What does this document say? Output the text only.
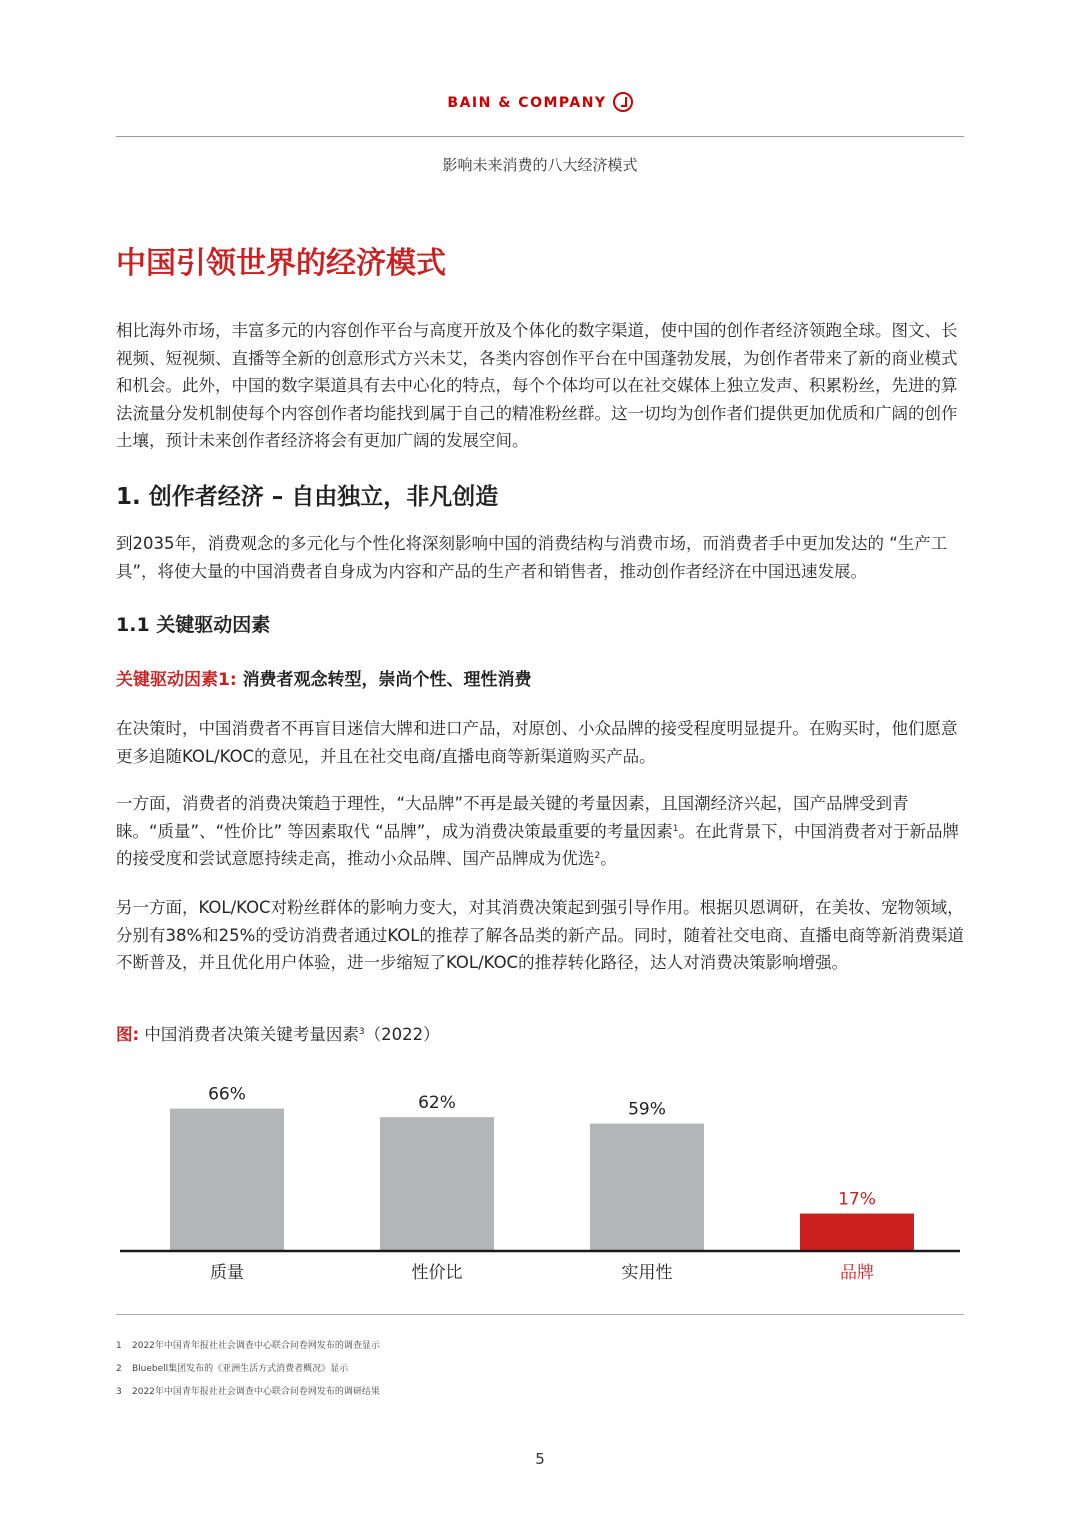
BAIN & COMPANY
影响未来消费的八大经济模式
中国引领世界的经济模式
相比海外市场，丰富多元的内容创作平台与高度开放及个体化的数字渠道，使中国的创作者经济领跑全球。图文、长视频、短视频、直播等全新的创意形式方兴未艾，各类内容创作平台在中国蓬勃发展，为创作者带来了新的商业模式和机会。此外，中国的数字渠道具有去中心化的特点，每个个体均可以在社交媒体上独立发声、积累粉丝，先进的算法流量分发机制使每个内容创作者均能找到属于自己的精准粉丝群。这一切均为创作者们提供更加优质和广阔的创作土壤，预计未来创作者经济将会有更加广阔的发展空间。
1. 创作者经济 – 自由独立，非凡创造
到2035年，消费观念的多元化与个性化将深刻影响中国的消费结构与消费市场，而消费者手中更加发达的 “生产工具”，将使大量的中国消费者自身成为内容和产品的生产者和销售者，推动创作者经济在中国迅速发展。
1.1 关键驱动因素
关键驱动因素1: 消费者观念转型，崇尚个性、理性消费
在决策时，中国消费者不再盲目迷信大牌和进口产品，对原创、小众品牌的接受程度明显提升。在购买时，他们愿意更多追随KOL/KOC的意见，并且在社交电商/直播电商等新渠道购买产品。
一方面，消费者的消费决策趋于理性，“大品牌”不再是最关键的考量因素，且国潮经济兴起，国产品牌受到青睐。“质量”、“性价比” 等因素取代 “品牌”，成为消费决策最重要的考量因素$^1$。在此背景下，中国消费者对于新品牌的接受度和尝试意愿持续走高，推动小众品牌、国产品牌成为优选$^2$。
另一方面，KOL/KOC对粉丝群体的影响力变大，对其消费决策起到强引导作用。根据贝恩调研，在美妆、宠物领域，分别有38%和25%的受访消费者通过KOL的推荐了解各品类的新产品。同时，随着社交电商、直播电商等新消费渠道不断普及，并且优化用户体验，进一步缩短了KOL/KOC的推荐转化路径，达人对消费决策影响增强。
图: 中国消费者决策关键考量因素$^3$（2022）
66%
质量
62%
性价比
59%
实用性
17%
品牌
1 2022年中国青年报社社会调查中心联合问卷网发布的调查显示
2 Bluebell集团发布的《亚洲生活方式消费者概况》显示
3 2022年中国青年报社社会调查中心联合问卷网发布的调研结果
5
